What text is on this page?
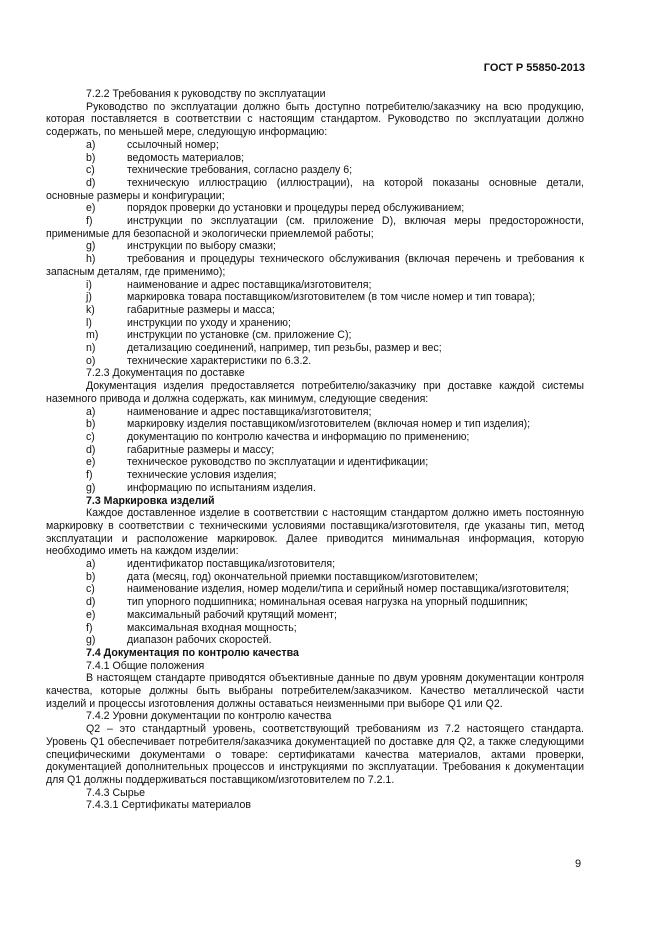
ГОСТ Р 55850-2013
7.2.2 Требования к руководству по эксплуатации
Руководство по эксплуатации должно быть доступно потребителю/заказчику на всю продукцию, которая поставляется в соответствии с настоящим стандартом. Руководство по эксплуатации должно содержать, по меньшей мере, следующую информацию:
a)	ссылочный номер;
b)	ведомость материалов;
c)	технические требования, согласно разделу 6;
d)	техническую иллюстрацию (иллюстрации), на которой показаны основные детали, основные размеры и конфигурации;
e)	порядок проверки до установки и процедуры перед обслуживанием;
f)	инструкции по эксплуатации (см. приложение D), включая меры предосторожности, применимые для безопасной и экологически приемлемой работы;
g)	инструкции по выбору смазки;
h)	требования и процедуры технического обслуживания (включая перечень и требования к запасным деталям, где применимо);
i)	наименование и адрес поставщика/изготовителя;
j)	маркировка товара поставщиком/изготовителем (в том числе номер и тип товара);
k)	габаритные размеры и масса;
l)	инструкции по уходу и хранению;
m)	инструкции по установке (см. приложение С);
n)	детализацию соединений, например, тип резьбы, размер и вес;
o)	технические характеристики по 6.3.2.
7.2.3 Документация по доставке
Документация изделия предоставляется потребителю/заказчику при доставке каждой системы наземного привода и должна содержать, как минимум, следующие сведения:
a)	наименование и адрес поставщика/изготовителя;
b)	маркировку изделия поставщиком/изготовителем (включая номер и тип изделия);
c)	документацию по контролю качества и информацию по применению;
d)	габаритные размеры и массу;
e)	техническое руководство по эксплуатации и идентификации;
f)	технические условия изделия;
g)	информацию по испытаниям изделия.
7.3 Маркировка изделий
Каждое доставленное изделие в соответствии с настоящим стандартом должно иметь постоянную маркировку в соответствии с техническими условиями поставщика/изготовителя, где указаны тип, метод эксплуатации и расположение маркировок. Далее приводится минимальная информация, которую необходимо иметь на каждом изделии:
a)	идентификатор поставщика/изготовителя;
b)	дата (месяц, год) окончательной приемки поставщиком/изготовителем;
c)	наименование изделия, номер модели/типа и серийный номер поставщика/изготовителя;
d)	тип упорного подшипника; номинальная осевая нагрузка на упорный подшипник;
e)	максимальный рабочий крутящий момент;
f)	максимальная входная мощность;
g)	диапазон рабочих скоростей.
7.4 Документация по контролю качества
7.4.1 Общие положения
В настоящем стандарте приводятся объективные данные по двум уровням документации контроля качества, которые должны быть выбраны потребителем/заказчиком. Качество металлической части изделий и процессы изготовления должны оставаться неизменными при выборе Q1 или Q2.
7.4.2 Уровни документации по контролю качества
Q2 – это стандартный уровень, соответствующий требованиям из 7.2 настоящего стандарта. Уровень Q1 обеспечивает потребителя/заказчика документацией по доставке для Q2, а также следующими специфическими документами о товаре: сертификатами качества материалов, актами проверки, документацией дополнительных процессов и инструкциями по эксплуатации. Требования к документации для Q1 должны поддерживаться поставщиком/изготовителем по 7.2.1.
7.4.3 Сырье
7.4.3.1 Сертификаты материалов
9
